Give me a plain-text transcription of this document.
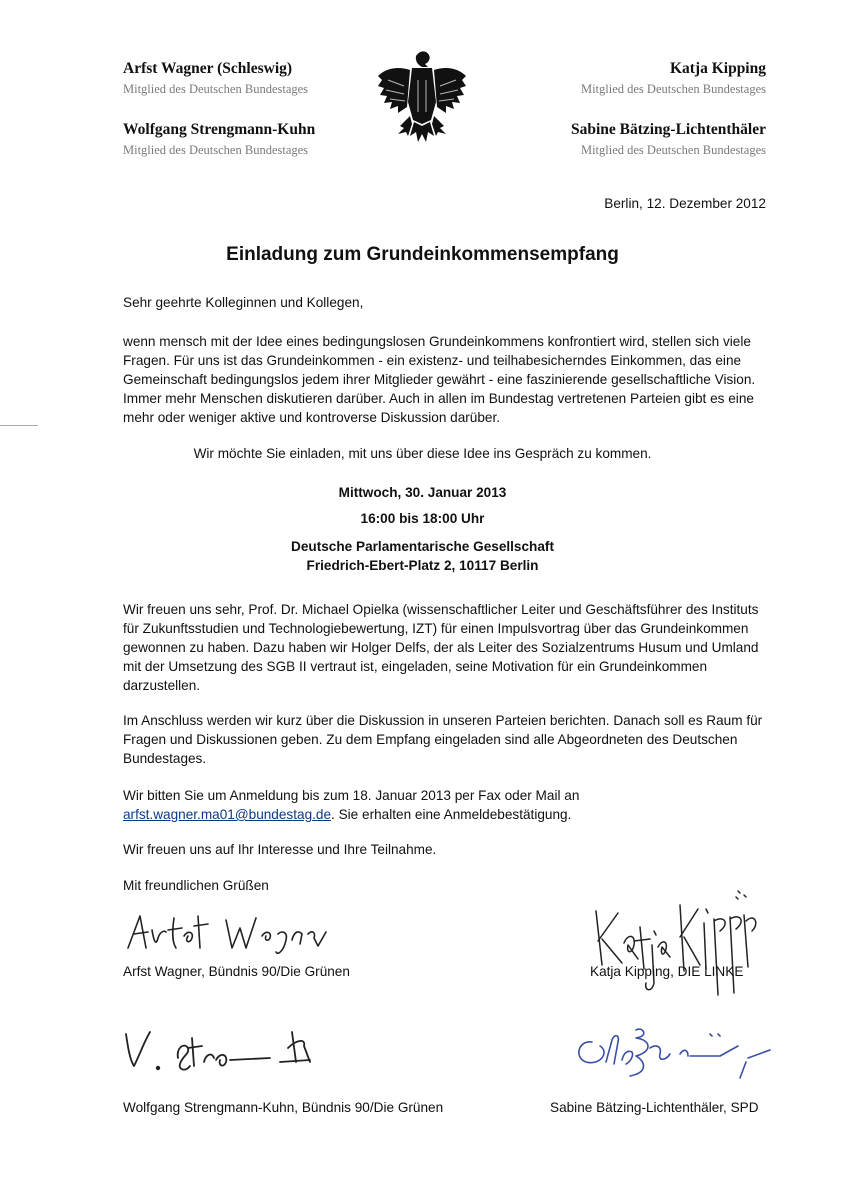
Arfst Wagner (Schleswig)
Mitglied des Deutschen Bundestages
Wolfgang Strengmann-Kuhn
Mitglied des Deutschen Bundestages
Katja Kipping
Mitglied des Deutschen Bundestages
Sabine Bätzing-Lichtenthäler
Mitglied des Deutschen Bundestages
Berlin, 12. Dezember 2012
Einladung zum Grundeinkommensempfang
Sehr geehrte Kolleginnen und Kollegen,
wenn mensch mit der Idee eines bedingungslosen Grundeinkommens konfrontiert wird, stellen sich viele
Fragen. Für uns ist das Grundeinkommen - ein existenz- und teilhabesicherndes Einkommen, das eine
Gemeinschaft bedingungslos jedem ihrer Mitglieder gewährt - eine faszinierende gesellschaftliche Vision.
Immer mehr Menschen diskutieren darüber. Auch in allen im Bundestag vertretenen Parteien gibt es eine
mehr oder weniger aktive und kontroverse Diskussion darüber.
Wir möchte Sie einladen, mit uns über diese Idee ins Gespräch zu kommen.
Mittwoch, 30. Januar 2013
16:00 bis 18:00 Uhr
Deutsche Parlamentarische Gesellschaft
Friedrich-Ebert-Platz 2, 10117 Berlin
Wir freuen uns sehr, Prof. Dr. Michael Opielka (wissenschaftlicher Leiter und Geschäftsführer des Instituts
für Zukunftsstudien und Technologiebewertung, IZT) für einen Impulsvortrag über das Grundeinkommen
gewonnen zu haben. Dazu haben wir Holger Delfs, der als Leiter des Sozialzentrums Husum und Umland
mit der Umsetzung des SGB II vertraut ist, eingeladen, seine Motivation für ein Grundeinkommen
darzustellen.
Im Anschluss werden wir kurz über die Diskussion in unseren Parteien berichten. Danach soll es Raum für
Fragen und Diskussionen geben. Zu dem Empfang eingeladen sind alle Abgeordneten des Deutschen
Bundestages.
Wir bitten Sie um Anmeldung bis zum 18. Januar 2013 per Fax oder Mail an
arfst.wagner.ma01@bundestag.de. Sie erhalten eine Anmeldebestätigung.
Wir freuen uns auf Ihr Interesse und Ihre Teilnahme.
Mit freundlichen Grüßen
Arfst Wagner, Bündnis 90/Die Grünen	Katja Kipping, DIE LINKE
Wolfgang Strengmann-Kuhn, Bündnis 90/Die Grünen	Sabine Bätzing-Lichtenthäler, SPD
